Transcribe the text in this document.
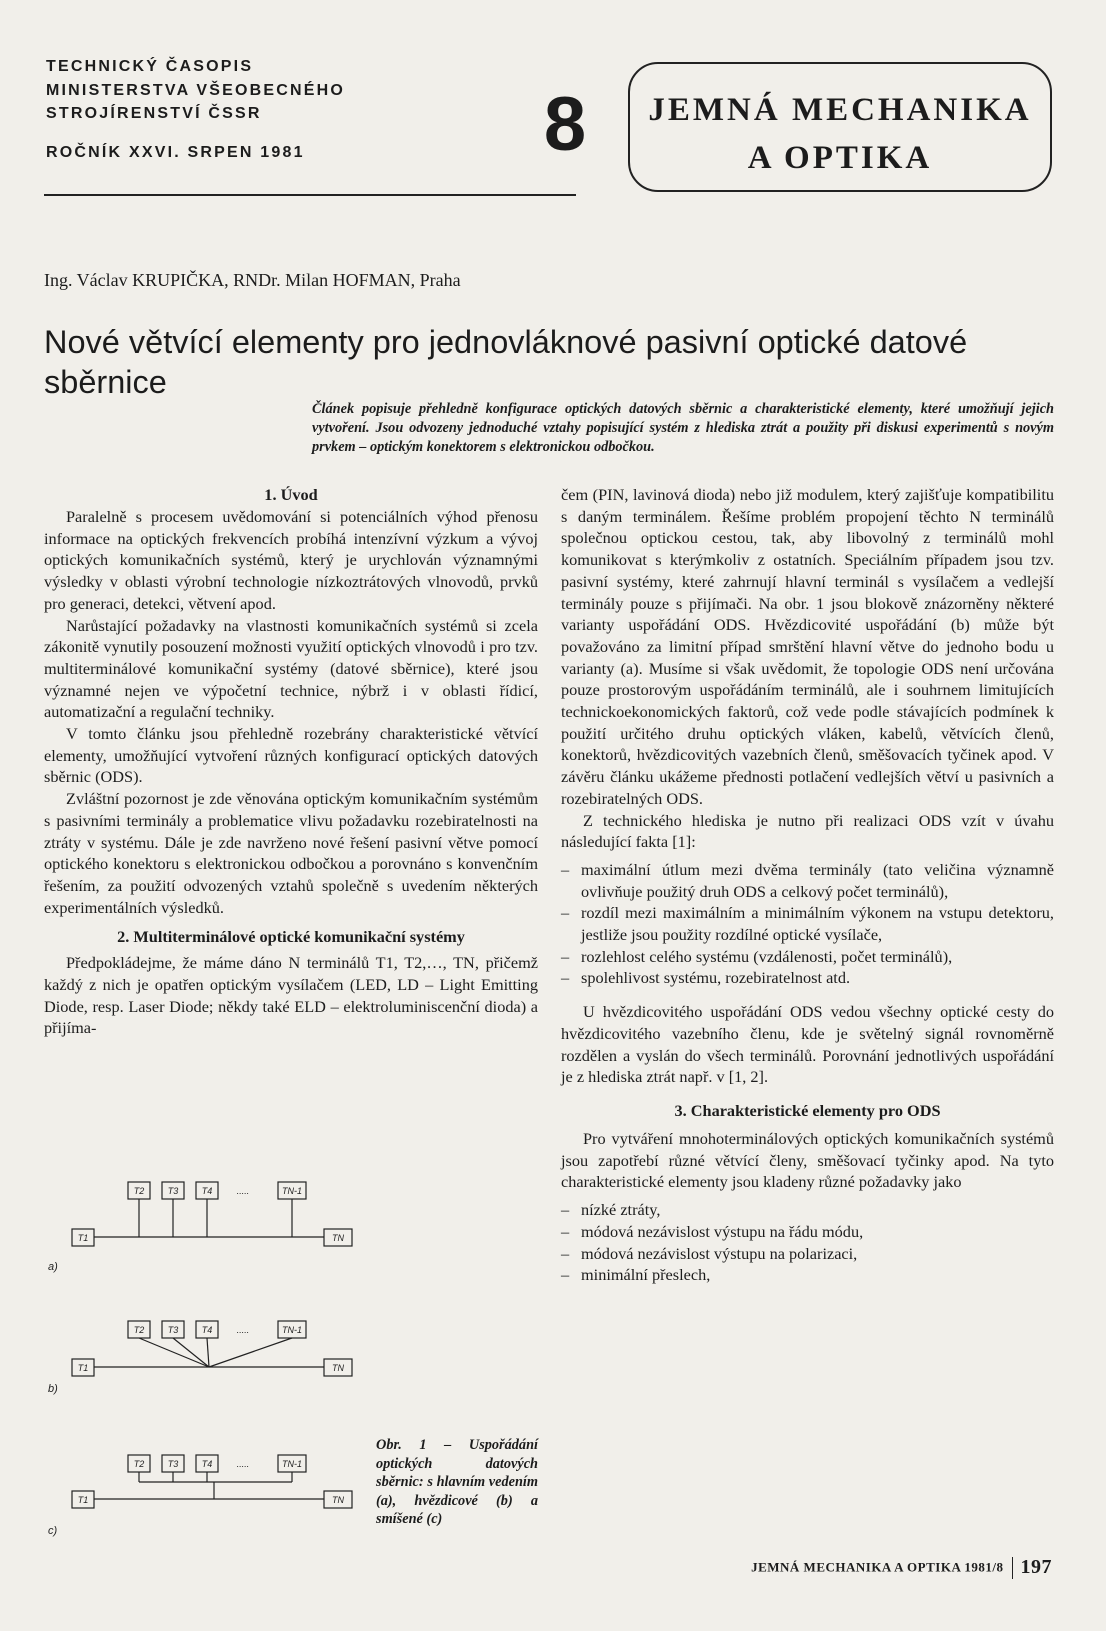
TECHNICKÝ ČASOPIS
MINISTERSTVA VŠEOBECNÉHO
STROJÍRENSTVÍ ČSSR
ROČNÍK XXVI. SRPEN 1981	8	JEMNÁ MECHANIKA
A OPTIKA
Ing. Václav KRUPIČKA, RNDr. Milan HOFMAN, Praha
Nové větvící elementy pro jednovláknové pasivní optické datové sběrnice
Článek popisuje přehledně konfigurace optických datových sběrnic a charakteristické elementy, které umožňují jejich vytvoření. Jsou odvozeny jednoduché vztahy popisující systém z hlediska ztrát a použity při diskusi experimentů s novým prvkem – optickým konektorem s elektronickou odbočkou.
1. Úvod

Paralelně s procesem uvědomování si potenciálních výhod přenosu informace na optických frekvencích probíhá intenzívní výzkum a vývoj optických komunikačních systémů, který je urychlován významnými výsledky v oblasti výrobní technologie nízkoztrátových vlnovodů, prvků pro generaci, detekci, větvení apod.

Narůstající požadavky na vlastnosti komunikačních systémů si zcela zákonitě vynutily posouzení možnosti využití optických vlnovodů i pro tzv. multiterminálové komunikační systémy (datové sběrnice), které jsou významné nejen ve výpočetní technice, nýbrž i v oblasti řídicí, automatizační a regulační techniky.

V tomto článku jsou přehledně rozebrány charakteristické větvící elementy, umožňující vytvoření různých konfigurací optických datových sběrnic (ODS).

Zvláštní pozornost je zde věnována optickým komunikačním systémům s pasivními terminály a problematice vlivu požadavku rozebiratelnosti na ztráty v systému. Dále je zde navrženo nové řešení pasivní větve pomocí optického konektoru s elektronickou odbočkou a porovnáno s konvenčním řešením, za použití odvozených vztahů společně s uvedením některých experimentálních výsledků.

2. Multiterminálové optické komunikační systémy

Předpokládejme, že máme dáno N terminálů T1, T2,…, TN, přičemž každý z nich je opatřen optickým vysílačem (LED, LD – Light Emitting Diode, resp. Laser Diode; někdy také ELD – elektroluminiscenční dioda) a přijíma-

čem (PIN, lavinová dioda) nebo již modulem, který zajišťuje kompatibilitu s daným terminálem. Řešíme problém propojení těchto N terminálů společnou optickou cestou, tak, aby libovolný z terminálů mohl komunikovat s kterýmkoliv z ostatních. Speciálním případem jsou tzv. pasivní systémy, které zahrnují hlavní terminál s vysílačem a vedlejší terminály pouze s přijímači. Na obr. 1 jsou blokově znázorněny některé varianty uspořádání ODS. Hvězdicovité uspořádání (b) může být považováno za limitní případ smrštění hlavní větve do jednoho bodu u varianty (a). Musíme si však uvědomit, že topologie ODS není určována pouze prostorovým uspořádáním terminálů, ale i souhrnem limitujících technickoekonomických faktorů, což vede podle stávajících podmínek k použití určitého druhu optických vláken, kabelů, větvících členů, konektorů, hvězdicovitých vazebních členů, směšovacích tyčinek apod. V závěru článku ukážeme přednosti potlačení vedlejších větví u pasivních a rozebiratelných ODS.

Z technického hlediska je nutno při realizaci ODS vzít v úvahu následující fakta [1]:

– maximální útlum mezi dvěma terminály (tato veličina významně ovlivňuje použitý druh ODS a celkový počet terminálů),
– rozdíl mezi maximálním a minimálním výkonem na vstupu detektoru, jestliže jsou použity rozdílné optické vysílače,
– rozlehlost celého systému (vzdálenosti, počet terminálů),
– spolehlivost systému, rozebiratelnost atd.

U hvězdicovitého uspořádání ODS vedou všechny optické cesty do hvězdicovitého vazebního členu, kde je světelný signál rovnoměrně rozdělen a vyslán do všech terminálů. Porovnání jednotlivých uspořádání je z hlediska ztrát např. v [1, 2].

3. Charakteristické elementy pro ODS

Pro vytváření mnohoterminálových optických komunikačních systémů jsou zapotřebí různé větvící členy, směšovací tyčinky apod. Na tyto charakteristické elementy jsou kladeny různé požadavky jako

– nízké ztráty,
– módová nezávislost výstupu na řádu módu,
– módová nezávislost výstupu na polarizaci,
– minimální přeslech,
T2	T3	T4	.....	TN-1
T1	TN
a)
T2	T3	T4	.....	TN-1
T1	TN
b)
T2	T3	T4	.....	TN-1
T1	TN
c)
Obr. 1 – Uspořádání optických datových sběrnic: s hlavním vedením (a), hvězdicové (b) a smíšené (c)
JEMNÁ MECHANIKA A OPTIKA 1981/8 197
